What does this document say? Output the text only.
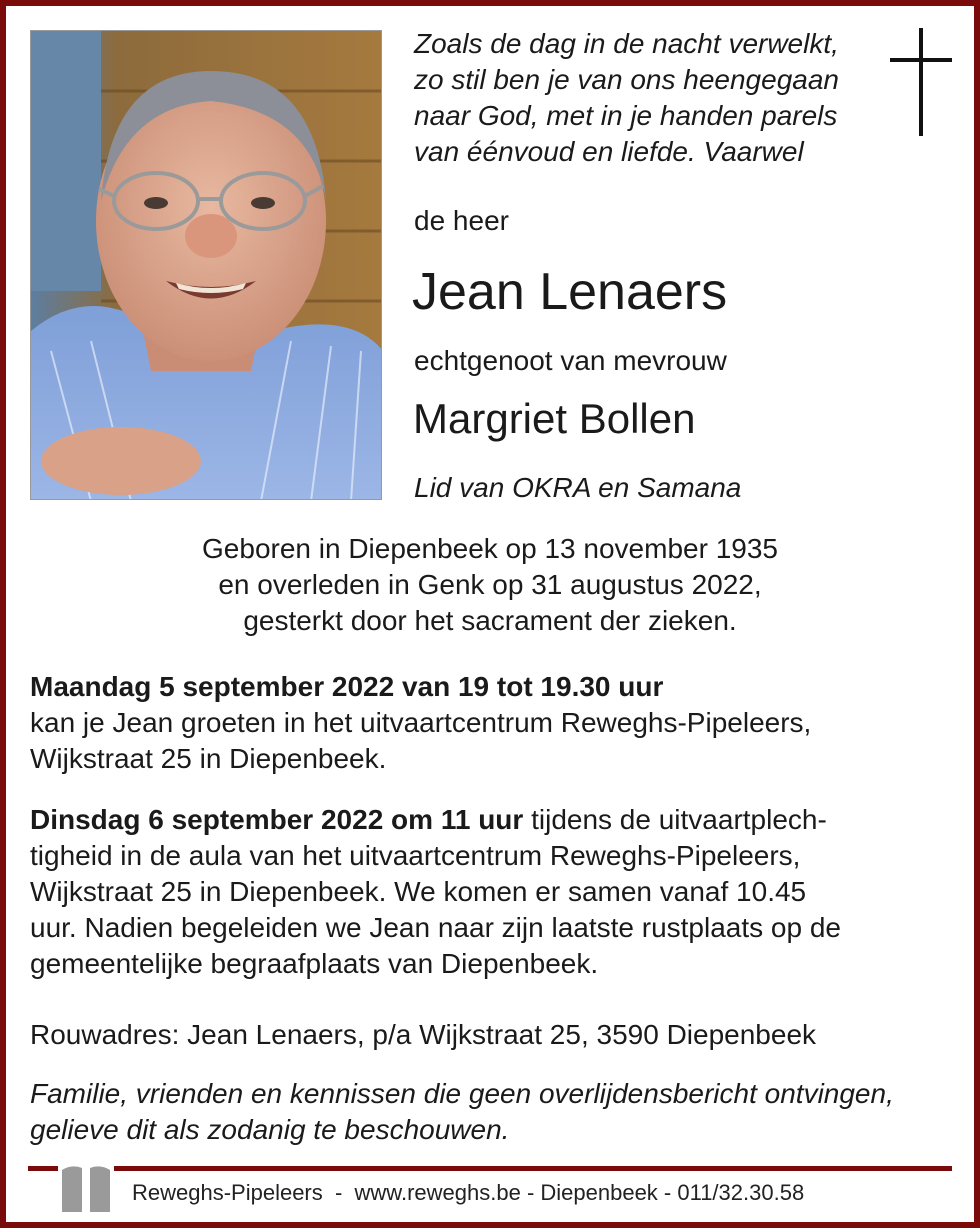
Zoals de dag in de nacht verwelkt,
zo stil ben je van ons heengegaan
naar God, met in je handen parels
van éénvoud en liefde. Vaarwel
de heer
Jean Lenaers
echtgenoot van mevrouw
Margriet Bollen
Lid van OKRA en Samana
Geboren in Diepenbeek op 13 november 1935
en overleden in Genk op 31 augustus 2022,
gesterkt door het sacrament der zieken.
Maandag 5 september 2022 van 19 tot 19.30 uur
kan je Jean groeten in het uitvaartcentrum Reweghs-Pipeleers,
Wijkstraat 25 in Diepenbeek.
Dinsdag 6 september 2022 om 11 uur tijdens de uitvaartplech-
tigheid in de aula van het uitvaartcentrum Reweghs-Pipeleers,
Wijkstraat 25 in Diepenbeek. We komen er samen vanaf 10.45
uur. Nadien begeleiden we Jean naar zijn laatste rustplaats op de
gemeentelijke begraafplaats van Diepenbeek.
Rouwadres: Jean Lenaers, p/a Wijkstraat 25, 3590 Diepenbeek
Familie, vrienden en kennissen die geen overlijdensbericht ontvingen,
gelieve dit als zodanig te beschouwen.
Reweghs-Pipeleers  -  www.reweghs.be - Diepenbeek - 011/32.30.58
